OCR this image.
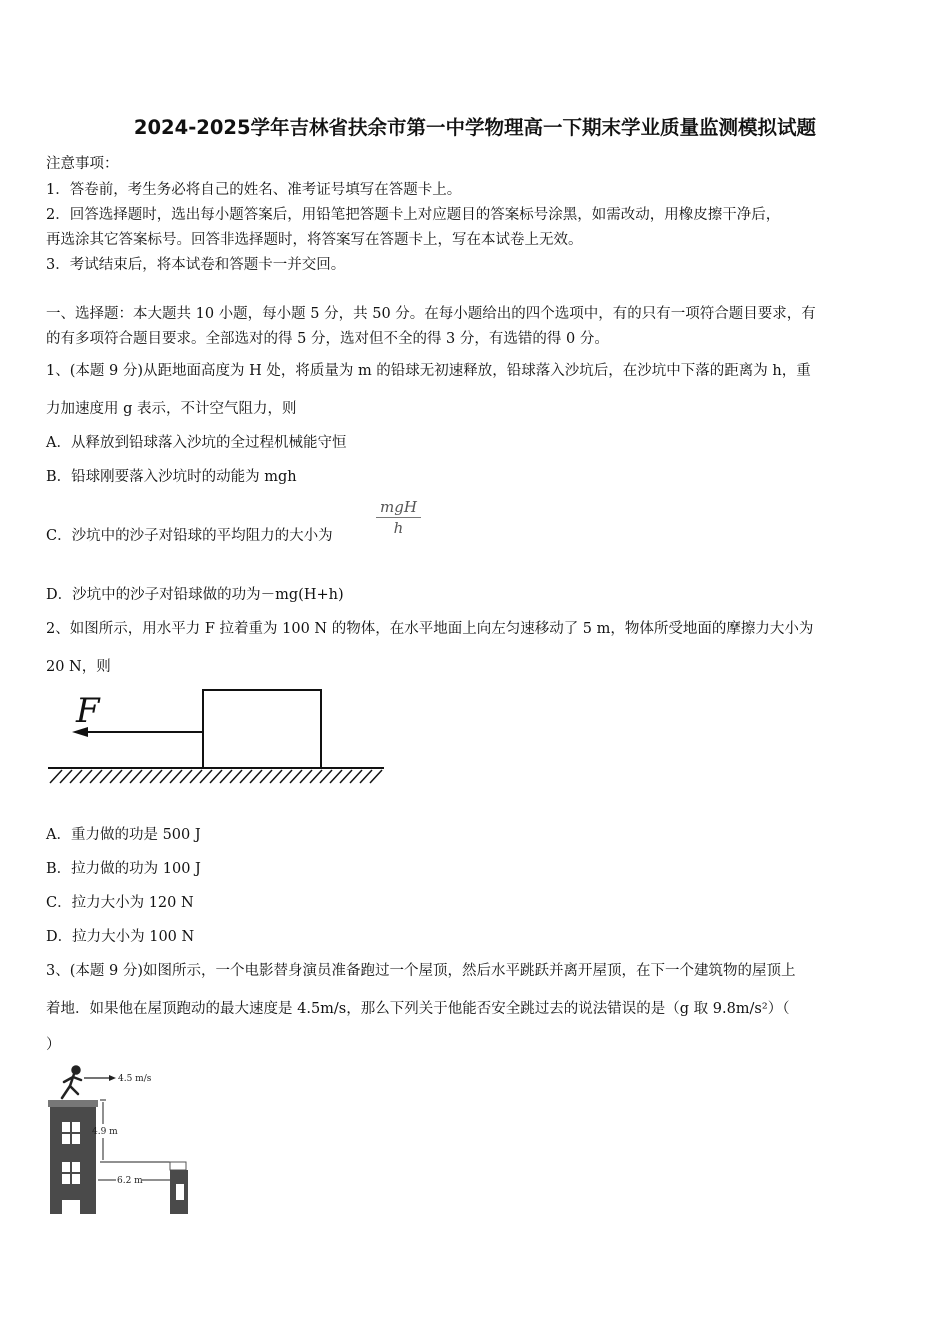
2024-2025学年吉林省扶余市第一中学物理高一下期末学业质量监测模拟试题
注意事项：
1．答卷前，考生务必将自己的姓名、准考证号填写在答题卡上。
2．回答选择题时，选出每小题答案后，用铅笔把答题卡上对应题目的答案标号涂黑，如需改动，用橡皮擦干净后，
再选涂其它答案标号。回答非选择题时，将答案写在答题卡上，写在本试卷上无效。
3．考试结束后，将本试卷和答题卡一并交回。
一、选择题：本大题共 10 小题，每小题 5 分，共 50 分。在每小题给出的四个选项中，有的只有一项符合题目要求，有
的有多项符合题目要求。全部选对的得 5 分，选对但不全的得 3 分，有选错的得 0 分。
1、(本题 9 分)从距地面高度为 H 处，将质量为 m 的铅球无初速释放，铅球落入沙坑后，在沙坑中下落的距离为 h，重
力加速度用 g 表示，不计空气阻力，则
A．从释放到铅球落入沙坑的全过程机械能守恒
B．铅球刚要落入沙坑时的动能为 mgh
C．沙坑中的沙子对铅球的平均阻力的大小为
mgH
h
D．沙坑中的沙子对铅球做的功为－mg(H+h)
2、如图所示，用水平力 F 拉着重为 100 N 的物体，在水平地面上向左匀速移动了 5 m，物体所受地面的摩擦力大小为
20 N，则
F
A．重力做的功是 500 J
B．拉力做的功为 100 J
C．拉力大小为 120 N
D．拉力大小为 100 N
3、(本题 9 分)如图所示，一个电影替身演员准备跑过一个屋顶，然后水平跳跃并离开屋顶，在下一个建筑物的屋顶上
着地．如果他在屋顶跑动的最大速度是 4.5m/s，那么下列关于他能否安全跳过去的说法错误的是（g 取 9.8m/s²）（
）
4.5 m/s
4.9 m
6.2 m
